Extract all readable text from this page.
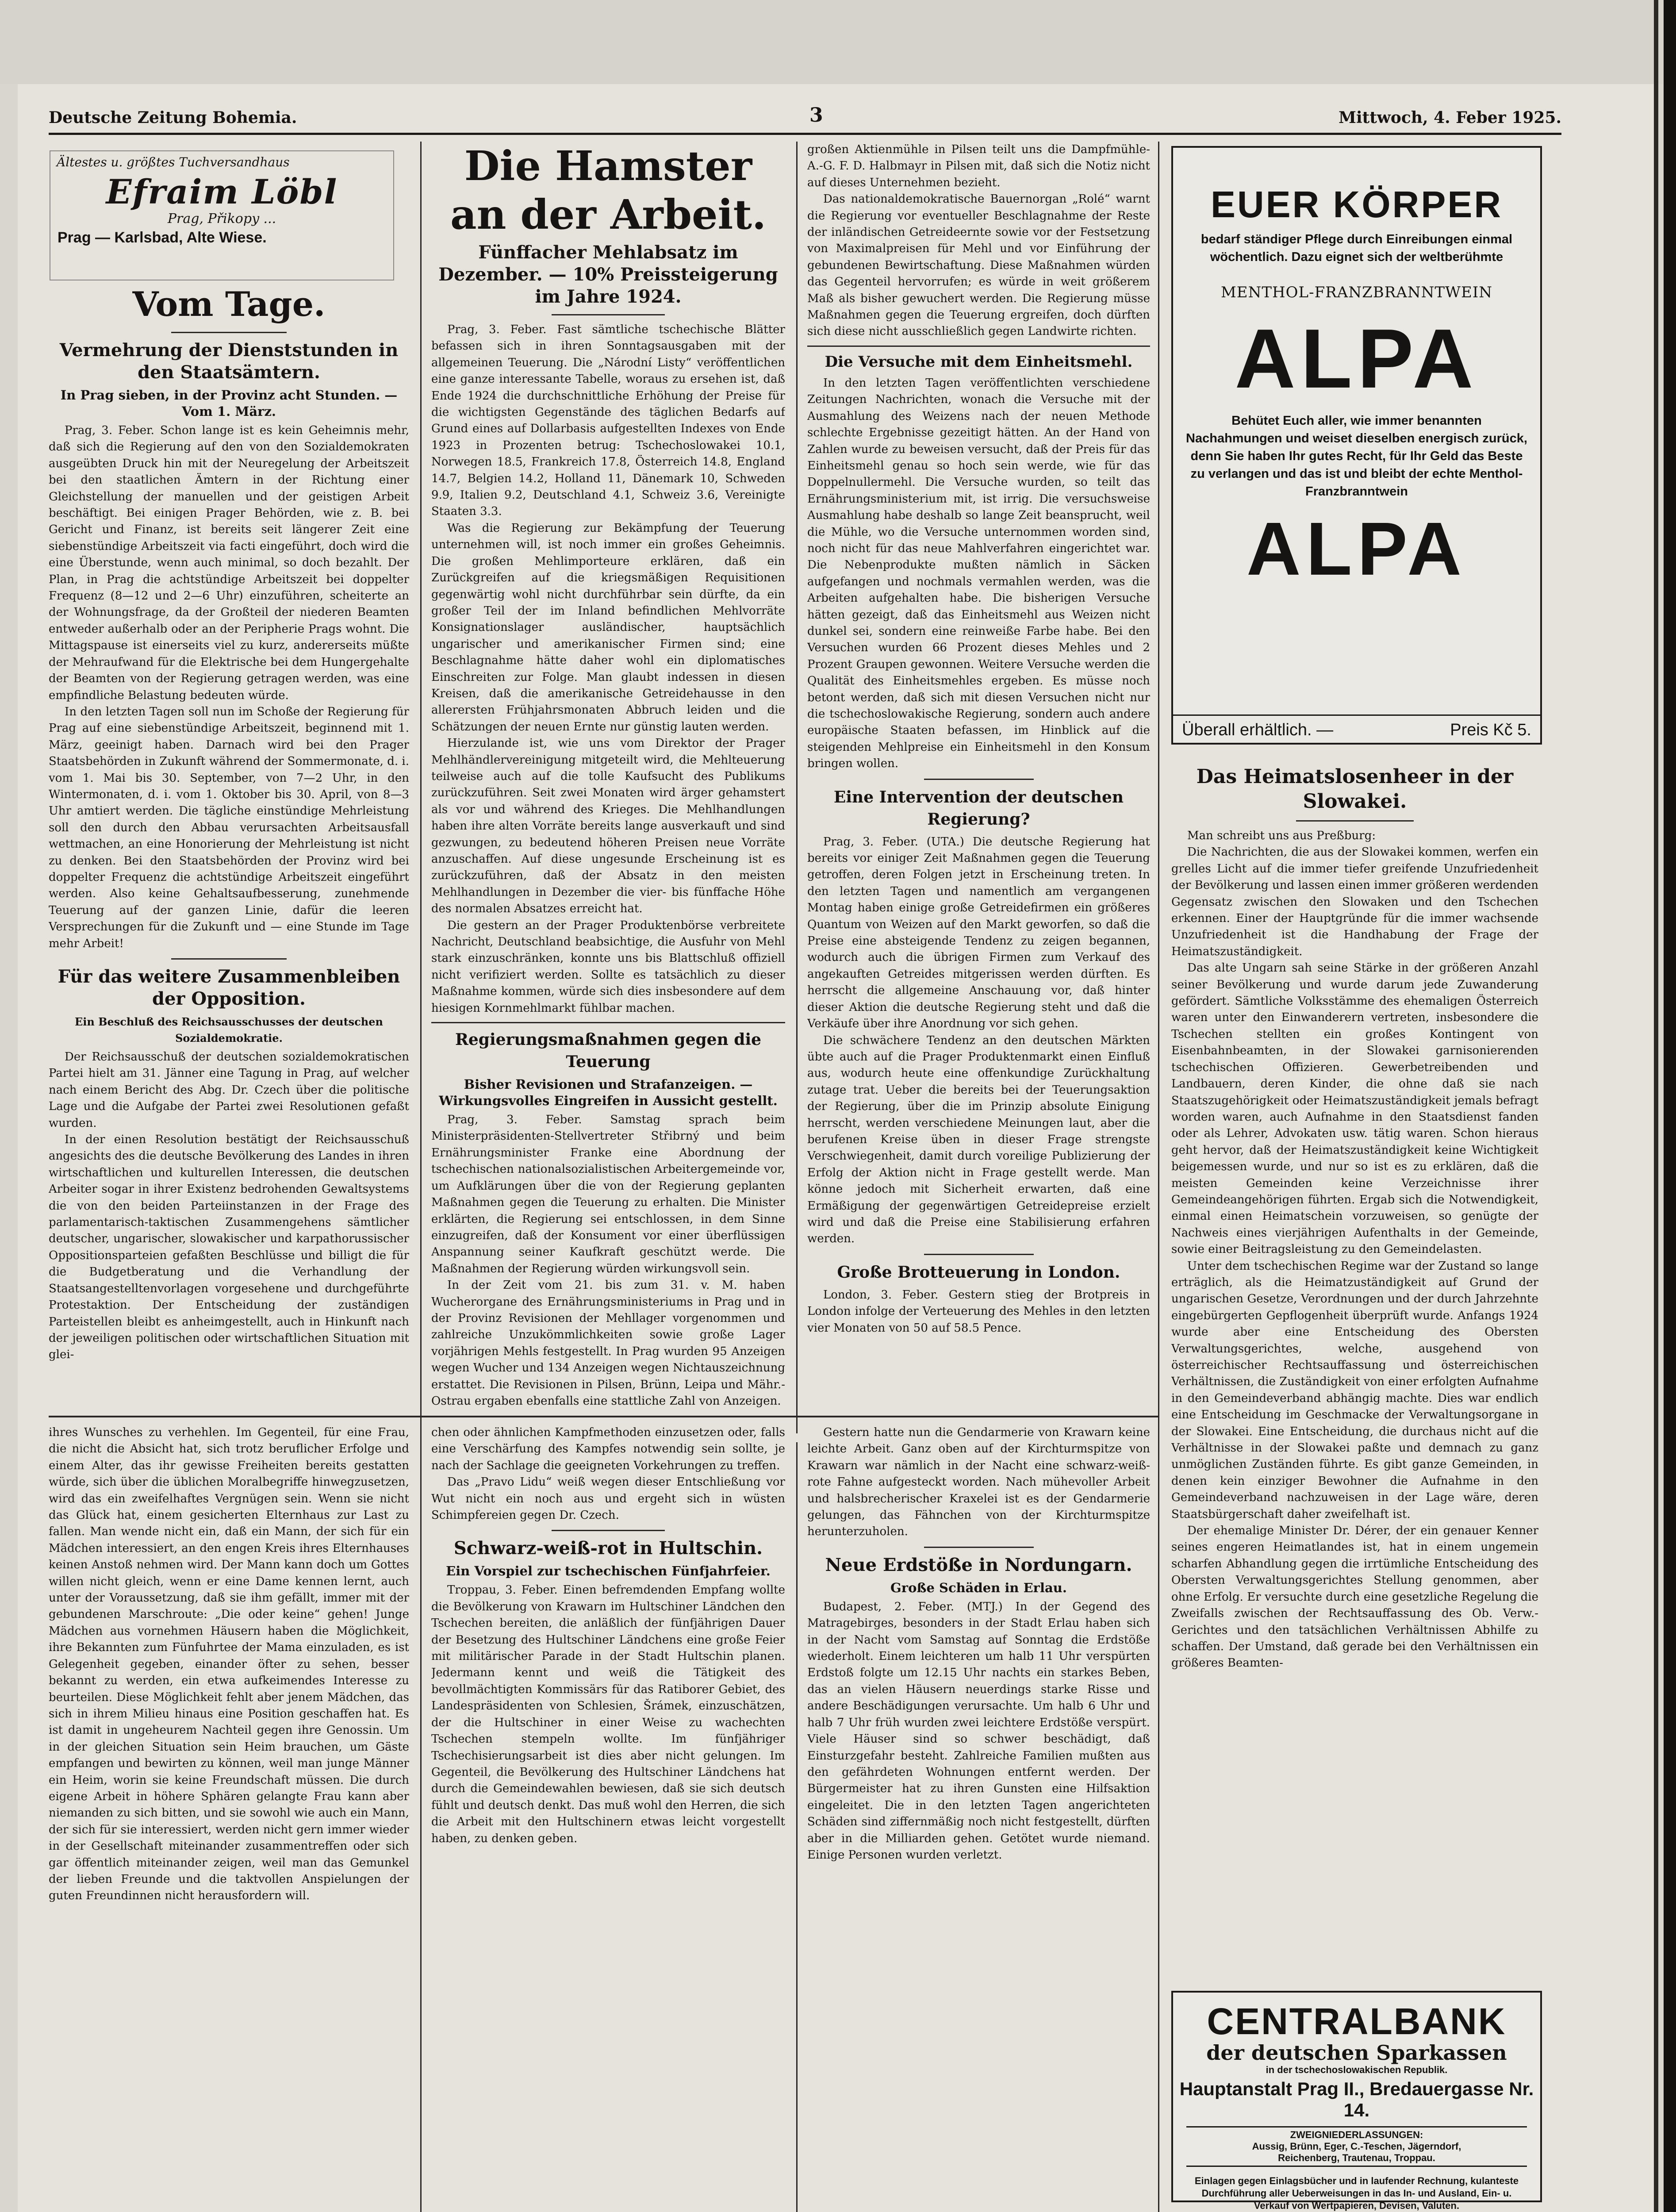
Deutsche Zeitung Bohemia.	3	Mittwoch, 4. Feber 1925.
Ältestes u. größtes Tuchversandhaus
Efraim Löbl
Prag, Přikopy ...
Prag — Karlsbad, Alte Wiese.
Vom Tage.
Vermehrung der Dienststunden in den Staatsämtern.
In Prag sieben, in der Provinz acht Stunden. — Vom 1. März.

Prag, 3. Feber. Schon lange ist es kein Geheimnis mehr, daß sich die Regierung auf den von den Sozialdemokraten ausgeübten Druck hin mit der Neuregelung der Arbeitszeit bei den staatlichen Ämtern in der Richtung einer Gleichstellung der manuellen und der geistigen Arbeit beschäftigt. Bei einigen Prager Behörden, wie z. B. bei Gericht und Finanz, ist bereits seit längerer Zeit eine siebenstündige Arbeitszeit via facti eingeführt, doch wird die eine Überstunde, wenn auch minimal, so doch bezahlt. Der Plan, in Prag die achtstündige Arbeitszeit bei doppelter Frequenz (8—12 und 2—6 Uhr) einzuführen, scheiterte an der Wohnungsfrage, da der Großteil der niederen Beamten entweder außerhalb oder an der Peripherie Prags wohnt. Die Mittagspause ist einerseits viel zu kurz, andererseits müßte der Mehraufwand für die Elektrische bei dem Hungergehalte der Beamten von der Regierung getragen werden, was eine empfindliche Belastung bedeuten würde.

In den letzten Tagen soll nun im Schoße der Regierung für Prag auf eine siebenstündige Arbeitszeit, beginnend mit 1. März, geeinigt haben. Darnach wird bei den Prager Staatsbehörden in Zukunft während der Sommermonate, d. i. vom 1. Mai bis 30. September, von 7—2 Uhr, in den Wintermonaten, d. i. vom 1. Oktober bis 30. April, von 8—3 Uhr amtiert werden. Die tägliche einstündige Mehrleistung soll den durch den Abbau verursachten Arbeitsausfall wettmachen, an eine Honorierung der Mehrleistung ist nicht zu denken. Bei den Staatsbehörden der Provinz wird bei doppelter Frequenz die achtstündige Arbeitszeit eingeführt werden. Also keine Gehaltsaufbesserung, zunehmende Teuerung auf der ganzen Linie, dafür die leeren Versprechungen für die Zukunft und — eine Stunde im Tage mehr Arbeit!

Für das weitere Zusammenbleiben der Opposition.
Ein Beschluß des Reichsausschusses der deutschen Sozialdemokratie.

Der Reichsausschuß der deutschen sozialdemokratischen Partei hielt am 31. Jänner eine Tagung in Prag, auf welcher nach einem Bericht des Abg. Dr. Czech über die politische Lage und die Aufgabe der Partei zwei Resolutionen gefaßt wurden.

In der einen Resolution bestätigt der Reichsausschuß angesichts des die deutsche Bevölkerung des Landes in ihren wirtschaftlichen und kulturellen Interessen, die deutschen Arbeiter sogar in ihrer Existenz bedrohenden Gewaltsystems die von den beiden Parteiinstanzen in der Frage des parlamentarisch-taktischen Zusammengehens sämtlicher deutscher, ungarischer, slowakischer und karpathorussischer Oppositionsparteien gefaßten Beschlüsse und billigt die für die Budgetberatung und die Verhandlung der Staatsangestelltenvorlagen vorgesehene und durchgeführte Protestaktion. Der Entscheidung der zuständigen Parteistellen bleibt es anheimgestellt, auch in Hinkunft nach der jeweiligen politischen oder wirtschaftlichen Situation mit glei-

ihres Wunsches zu verhehlen. Im Gegenteil, für eine Frau, die nicht die Absicht hat, sich trotz beruflicher Erfolge und einem Alter, das ihr gewisse Freiheiten bereits gestatten würde, sich über die üblichen Moralbegriffe hinwegzusetzen, wird das ein zweifelhaftes Vergnügen sein. Wenn sie nicht das Glück hat, einem gesicherten Elternhaus zur Last zu fallen. Man wende nicht ein, daß ein Mann, der sich für ein Mädchen interessiert, an den engen Kreis ihres Elternhauses keinen Anstoß nehmen wird. Der Mann kann doch um Gottes willen nicht gleich, wenn er eine Dame kennen lernt, auch unter der Voraussetzung, daß sie ihm gefällt, immer mit der gebundenen Marschroute: „Die oder keine“ gehen! Junge Mädchen aus vornehmen Häusern haben die Möglichkeit, ihre Bekannten zum Fünfuhrtee der Mama einzuladen, es ist Gelegenheit gegeben, einander öfter zu sehen, besser bekannt zu werden, ein etwa aufkeimendes Interesse zu beurteilen. Diese Möglichkeit fehlt aber jenem Mädchen, das sich in ihrem Milieu hinaus eine Position geschaffen hat. Es ist damit in ungeheurem Nachteil gegen ihre Genossin. Um in der gleichen Situation sein Heim brauchen, um Gäste empfangen und bewirten zu können, weil man junge Männer ein Heim, worin sie keine Freundschaft müssen. Die durch eigene Arbeit in höhere Sphären gelangte Frau kann aber niemanden zu sich bitten, und sie sowohl wie auch ein Mann, der sich für sie interessiert, werden nicht gern immer wieder in der Gesellschaft miteinander zusammentreffen oder sich gar öffentlich miteinander zeigen, weil man das Gemunkel der lieben Freunde und die taktvollen Anspielungen der guten Freundinnen nicht herausfordern will.

Die Hamster an der Arbeit.
Fünffacher Mehlabsatz im Dezember. — 10% Preissteigerung im Jahre 1924.

Prag, 3. Feber. Fast sämtliche tschechische Blätter befassen sich in ihren Sonntagsausgaben mit der allgemeinen Teuerung. Die „Národní Listy“ veröffentlichen eine ganze interessante Tabelle, woraus zu ersehen ist, daß Ende 1924 die durchschnittliche Erhöhung der Preise für die wichtigsten Gegenstände des täglichen Bedarfs auf Grund eines auf Dollarbasis aufgestellten Indexes von Ende 1923 in Prozenten betrug: Tschechoslowakei 10.1, Norwegen 18.5, Frankreich 17.8, Österreich 14.8, England 14.7, Belgien 14.2, Holland 11, Dänemark 10, Schweden 9.9, Italien 9.2, Deutschland 4.1, Schweiz 3.6, Vereinigte Staaten 3.3.

Was die Regierung zur Bekämpfung der Teuerung unternehmen will, ist noch immer ein großes Geheimnis. Die großen Mehlimporteure erklären, daß ein Zurückgreifen auf die kriegsmäßigen Requisitionen gegenwärtig wohl nicht durchführbar sein dürfte, da ein großer Teil der im Inland befindlichen Mehlvorräte Konsignationslager ausländischer, hauptsächlich ungarischer und amerikanischer Firmen sind; eine Beschlagnahme hätte daher wohl ein diplomatisches Einschreiten zur Folge. Man glaubt indessen in diesen Kreisen, daß die amerikanische Getreidehausse in den allerersten Frühjahrsmonaten Abbruch leiden und die Schätzungen der neuen Ernte nur günstig lauten werden.

Hierzulande ist, wie uns vom Direktor der Prager Mehlhändlervereinigung mitgeteilt wird, die Mehlteuerung teilweise auch auf die tolle Kaufsucht des Publikums zurückzuführen. Seit zwei Monaten wird ärger gehamstert als vor und während des Krieges. Die Mehlhandlungen haben ihre alten Vorräte bereits lange ausverkauft und sind gezwungen, zu bedeutend höheren Preisen neue Vorräte anzuschaffen. Auf diese ungesunde Erscheinung ist es zurückzuführen, daß der Absatz in den meisten Mehlhandlungen in Dezember die vier- bis fünffache Höhe des normalen Absatzes erreicht hat.

Die gestern an der Prager Produktenbörse verbreitete Nachricht, Deutschland beabsichtige, die Ausfuhr von Mehl stark einzuschränken, konnte uns bis Blattschluß offiziell nicht verifiziert werden. Sollte es tatsächlich zu dieser Maßnahme kommen, würde sich dies insbesondere auf dem hiesigen Kornmehlmarkt fühlbar machen.

Regierungsmaßnahmen gegen die Teuerung
Bisher Revisionen und Strafanzeigen. — Wirkungsvolles Eingreifen in Aussicht gestellt.

Prag, 3. Feber. Samstag sprach beim Ministerpräsidenten-Stellvertreter Střibrný und beim Ernährungsminister Franke eine Abordnung der tschechischen nationalsozialistischen Arbeitergemeinde vor, um Aufklärungen über die von der Regierung geplanten Maßnahmen gegen die Teuerung zu erhalten. Die Minister erklärten, die Regierung sei entschlossen, in dem Sinne einzugreifen, daß der Konsument vor einer überflüssigen Anspannung seiner Kaufkraft geschützt werde. Die Maßnahmen der Regierung würden wirkungsvoll sein.

In der Zeit vom 21. bis zum 31. v. M. haben Wucherorgane des Ernährungsministeriums in Prag und in der Provinz Revisionen der Mehllager vorgenommen und zahlreiche Unzukömmlichkeiten sowie große Lager vorjährigen Mehls festgestellt. In Prag wurden 95 Anzeigen wegen Wucher und 134 Anzeigen wegen Nichtauszeichnung erstattet. Die Revisionen in Pilsen, Brünn, Leipa und Mähr.-Ostrau ergaben ebenfalls eine stattliche Zahl von Anzeigen.

chen oder ähnlichen Kampfmethoden einzusetzen oder, falls eine Verschärfung des Kampfes notwendig sein sollte, je nach der Sachlage die geeigneten Vorkehrungen zu treffen.

Das „Pravo Lidu“ weiß wegen dieser Entschließung vor Wut nicht ein noch aus und ergeht sich in wüsten Schimpfereien gegen Dr. Czech.

Schwarz-weiß-rot in Hultschin.
Ein Vorspiel zur tschechischen Fünfjahrfeier.

Troppau, 3. Feber. Einen befremdenden Empfang wollte die Bevölkerung von Krawarn im Hultschiner Ländchen den Tschechen bereiten, die anläßlich der fünfjährigen Dauer der Besetzung des Hultschiner Ländchens eine große Feier mit militärischer Parade in der Stadt Hultschin planen. Jedermann kennt und weiß die Tätigkeit des bevollmächtigten Kommissärs für das Ratiborer Gebiet, des Landespräsidenten von Schlesien, Šrámek, einzuschätzen, der die Hultschiner in einer Weise zu wachechten Tschechen stempeln wollte. Im fünfjähriger Tschechisierungsarbeit ist dies aber nicht gelungen. Im Gegenteil, die Bevölkerung des Hultschiner Ländchens hat durch die Gemeindewahlen bewiesen, daß sie sich deutsch fühlt und deutsch denkt. Das muß wohl den Herren, die sich die Arbeit mit den Hultschinern etwas leicht vorgestellt haben, zu denken geben.

großen Aktienmühle in Pilsen teilt uns die Dampfmühle-A.-G. F. D. Halbmayr in Pilsen mit, daß sich die Notiz nicht auf dieses Unternehmen bezieht.

Das nationaldemokratische Bauernorgan „Rolé“ warnt die Regierung vor eventueller Beschlagnahme der Reste der inländischen Getreideernte sowie vor der Festsetzung von Maximalpreisen für Mehl und vor Einführung der gebundenen Bewirtschaftung. Diese Maßnahmen würden das Gegenteil hervorrufen; es würde in weit größerem Maß als bisher gewuchert werden. Die Regierung müsse Maßnahmen gegen die Teuerung ergreifen, doch dürften sich diese nicht ausschließlich gegen Landwirte richten.

Die Versuche mit dem Einheitsmehl.

In den letzten Tagen veröffentlichten verschiedene Zeitungen Nachrichten, wonach die Versuche mit der Ausmahlung des Weizens nach der neuen Methode schlechte Ergebnisse gezeitigt hätten. An der Hand von Zahlen wurde zu beweisen versucht, daß der Preis für das Einheitsmehl genau so hoch sein werde, wie für das Doppelnullermehl. Die Versuche wurden, so teilt das Ernährungsministerium mit, ist irrig. Die versuchsweise Ausmahlung habe deshalb so lange Zeit beansprucht, weil die Mühle, wo die Versuche unternommen worden sind, noch nicht für das neue Mahlverfahren eingerichtet war. Die Nebenprodukte mußten nämlich in Säcken aufgefangen und nochmals vermahlen werden, was die Arbeiten aufgehalten habe. Die bisherigen Versuche hätten gezeigt, daß das Einheitsmehl aus Weizen nicht dunkel sei, sondern eine reinweiße Farbe habe. Bei den Versuchen wurden 66 Prozent dieses Mehles und 2 Prozent Graupen gewonnen. Weitere Versuche werden die Qualität des Einheitsmehles ergeben. Es müsse noch betont werden, daß sich mit diesen Versuchen nicht nur die tschechoslowakische Regierung, sondern auch andere europäische Staaten befassen, im Hinblick auf die steigenden Mehlpreise ein Einheitsmehl in den Konsum bringen wollen.

Eine Intervention der deutschen Regierung?

Prag, 3. Feber. (UTA.) Die deutsche Regierung hat bereits vor einiger Zeit Maßnahmen gegen die Teuerung getroffen, deren Folgen jetzt in Erscheinung treten. In den letzten Tagen und namentlich am vergangenen Montag haben einige große Getreidefirmen ein größeres Quantum von Weizen auf den Markt geworfen, so daß die Preise eine absteigende Tendenz zu zeigen begannen, wodurch auch die übrigen Firmen zum Verkauf des angekauften Getreides mitgerissen werden dürften. Es herrscht die allgemeine Anschauung vor, daß hinter dieser Aktion die deutsche Regierung steht und daß die Verkäufe über ihre Anordnung vor sich gehen.

Die schwächere Tendenz an den deutschen Märkten übte auch auf die Prager Produktenmarkt einen Einfluß aus, wodurch heute eine offenkundige Zurückhaltung zutage trat. Ueber die bereits bei der Teuerungsaktion der Regierung, über die im Prinzip absolute Einigung herrscht, werden verschiedene Meinungen laut, aber die berufenen Kreise üben in dieser Frage strengste Verschwiegenheit, damit durch voreilige Publizierung der Erfolg der Aktion nicht in Frage gestellt werde. Man könne jedoch mit Sicherheit erwarten, daß eine Ermäßigung der gegenwärtigen Getreidepreise erzielt wird und daß die Preise eine Stabilisierung erfahren werden.

Große Brotteuerung in London.

London, 3. Feber. Gestern stieg der Brotpreis in London infolge der Verteuerung des Mehles in den letzten vier Monaten von 50 auf 58.5 Pence.

Gestern hatte nun die Gendarmerie von Krawarn keine leichte Arbeit. Ganz oben auf der Kirchturmspitze von Krawarn war nämlich in der Nacht eine schwarz-weiß-rote Fahne aufgesteckt worden. Nach mühevoller Arbeit und halsbrecherischer Kraxelei ist es der Gendarmerie gelungen, das Fähnchen von der Kirchturmspitze herunterzuholen.

Neue Erdstöße in Nordungarn.
Große Schäden in Erlau.

Budapest, 2. Feber. (MTJ.) In der Gegend des Matragebirges, besonders in der Stadt Erlau haben sich in der Nacht vom Samstag auf Sonntag die Erdstöße wiederholt. Einem leichteren um halb 11 Uhr verspürten Erdstoß folgte um 12.15 Uhr nachts ein starkes Beben, das an vielen Häusern neuerdings starke Risse und andere Beschädigungen verursachte. Um halb 6 Uhr und halb 7 Uhr früh wurden zwei leichtere Erdstöße verspürt. Viele Häuser sind so schwer beschädigt, daß Einsturzgefahr besteht. Zahlreiche Familien mußten aus den gefährdeten Wohnungen entfernt werden. Der Bürgermeister hat zu ihren Gunsten eine Hilfsaktion eingeleitet. Die in den letzten Tagen angerichteten Schäden sind ziffernmäßig noch nicht festgestellt, dürften aber in die Milliarden gehen. Getötet wurde niemand. Einige Personen wurden verletzt.

EUER KÖRPER
bedarf ständiger Pflege durch Einreibungen einmal wöchentlich. Dazu eignet sich der weltberühmte
MENTHOL-FRANZBRANNTWEIN
ALPA
Behütet Euch aller, wie immer benannten Nachahmungen und weiset dieselben energisch zurück, denn Sie haben Ihr gutes Recht, für Ihr Geld das Beste zu verlangen und das ist und bleibt der echte Menthol-Franzbranntwein
ALPA
Überall erhältlich. —	Preis Kč 5.
Das Heimatslosenheer in der Slowakei.

Man schreibt uns aus Preßburg:

Die Nachrichten, die aus der Slowakei kommen, werfen ein grelles Licht auf die immer tiefer greifende Unzufriedenheit der Bevölkerung und lassen einen immer größeren werdenden Gegensatz zwischen den Slowaken und den Tschechen erkennen. Einer der Hauptgründe für die immer wachsende Unzufriedenheit ist die Handhabung der Frage der Heimatszuständigkeit.

Das alte Ungarn sah seine Stärke in der größeren Anzahl seiner Bevölkerung und wurde darum jede Zuwanderung gefördert. Sämtliche Volksstämme des ehemaligen Österreich waren unter den Einwanderern vertreten, insbesondere die Tschechen stellten ein großes Kontingent von Eisenbahnbeamten, in der Slowakei garnisonierenden tschechischen Offizieren. Gewerbetreibenden und Landbauern, deren Kinder, die ohne daß sie nach Staatszugehörigkeit oder Heimatszuständigkeit jemals befragt worden waren, auch Aufnahme in den Staatsdienst fanden oder als Lehrer, Advokaten usw. tätig waren. Schon hieraus geht hervor, daß der Heimatszuständigkeit keine Wichtigkeit beigemessen wurde, und nur so ist es zu erklären, daß die meisten Gemeinden keine Verzeichnisse ihrer Gemeindeangehörigen führten. Ergab sich die Notwendigkeit, einmal einen Heimatschein vorzuweisen, so genügte der Nachweis eines vierjährigen Aufenthalts in der Gemeinde, sowie einer Beitragsleistung zu den Gemeindelasten.

Unter dem tschechischen Regime war der Zustand so lange erträglich, als die Heimatzuständigkeit auf Grund der ungarischen Gesetze, Verordnungen und der durch Jahrzehnte eingebürgerten Gepflogenheit überprüft wurde. Anfangs 1924 wurde aber eine Entscheidung des Obersten Verwaltungsgerichtes, welche, ausgehend von österreichischer Rechtsauffassung und österreichischen Verhältnissen, die Zuständigkeit von einer erfolgten Aufnahme in den Gemeindeverband abhängig machte. Dies war endlich eine Entscheidung im Geschmacke der Verwaltungsorgane in der Slowakei. Eine Entscheidung, die durchaus nicht auf die Verhältnisse in der Slowakei paßte und demnach zu ganz unmöglichen Zuständen führte. Es gibt ganze Gemeinden, in denen kein einziger Bewohner die Aufnahme in den Gemeindeverband nachzuweisen in der Lage wäre, deren Staatsbürgerschaft daher zweifelhaft ist.

Der ehemalige Minister Dr. Dérer, der ein genauer Kenner seines engeren Heimatlandes ist, hat in einem ungemein scharfen Abhandlung gegen die irrtümliche Entscheidung des Obersten Verwaltungsgerichtes Stellung genommen, aber ohne Erfolg. Er versuchte durch eine gesetzliche Regelung die Zweifalls zwischen der Rechtsauffassung des Ob. Verw.-Gerichtes und den tatsächlichen Verhältnissen Abhilfe zu schaffen. Der Umstand, daß gerade bei den Verhältnissen ein größeres Beamten-

CENTRALBANK
der deutschen Sparkassen
in der tschechoslowakischen Republik.
Hauptanstalt Prag II., Bredauergasse Nr. 14.
ZWEIGNIEDERLASSUNGEN:
Aussig, Brünn, Eger, C.-Teschen, Jägerndorf,
Reichenberg, Trautenau, Troppau.
Einlagen gegen Einlagsbücher und in laufender Rechnung, kulanteste Durchführung aller Ueberweisungen in das In- und Ausland, Ein- u. Verkauf von Wertpapieren, Devisen, Valuten.
